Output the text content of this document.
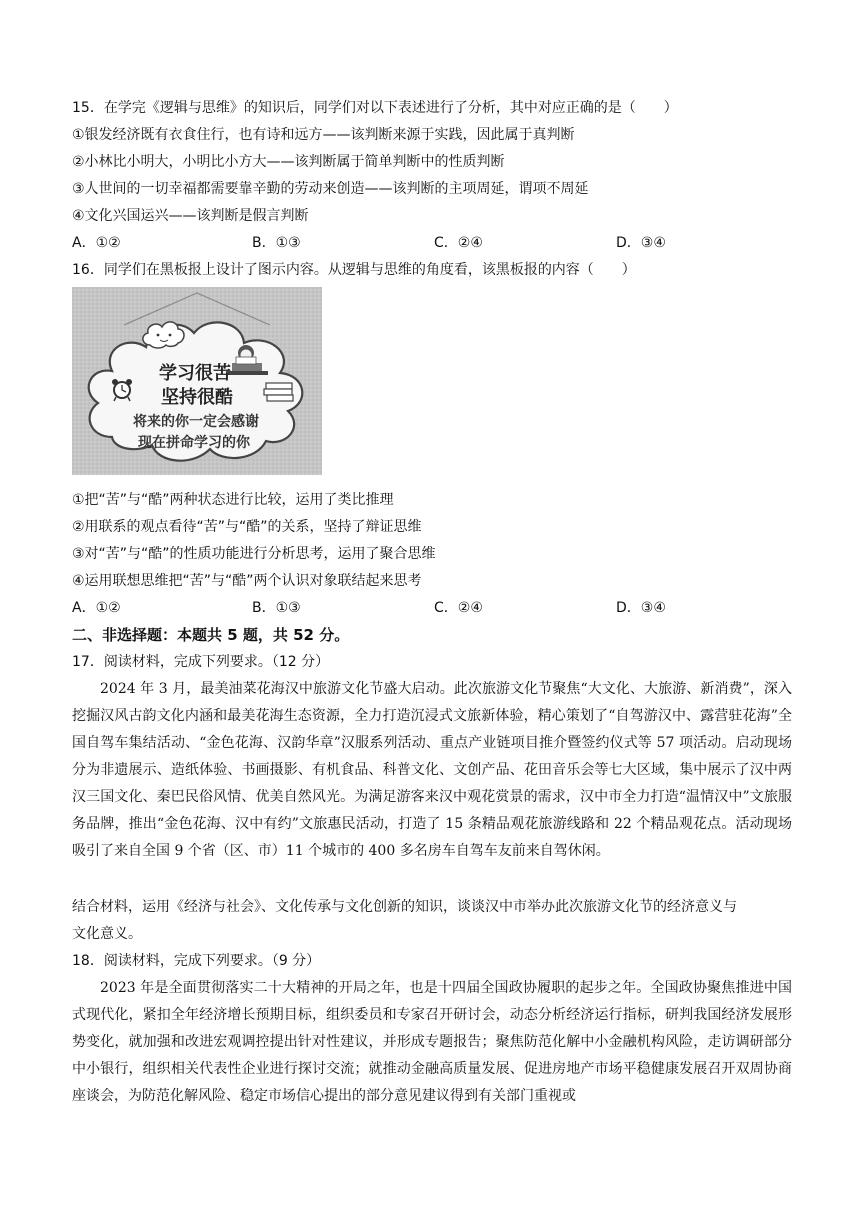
15．在学完《逻辑与思维》的知识后，同学们对以下表述进行了分析，其中对应正确的是（　　）
①银发经济既有衣食住行，也有诗和远方——该判断来源于实践，因此属于真判断
②小林比小明大，小明比小方大——该判断属于简单判断中的性质判断
③人世间的一切幸福都需要靠辛勤的劳动来创造——该判断的主项周延，谓项不周延
④文化兴国运兴——该判断是假言判断
A．①②	B．①③	C．②④	D．③④
16．同学们在黑板报上设计了图示内容。从逻辑与思维的角度看，该黑板报的内容（　　）
学习很苦
坚持很酷
将来的你一定会感谢
现在拼命学习的你
①把“苦”与“酷”两种状态进行比较，运用了类比推理
②用联系的观点看待“苦”与“酷”的关系，坚持了辩证思维
③对“苦”与“酷”的性质功能进行分析思考，运用了聚合思维
④运用联想思维把“苦”与“酷”两个认识对象联结起来思考
A．①②	B．①③	C．②④	D．③④
二、非选择题：本题共 5 题，共 52 分。
17．阅读材料，完成下列要求。（12 分）
2024 年 3 月，最美油菜花海汉中旅游文化节盛大启动。此次旅游文化节聚焦“大文化、大旅游、新消费”，深入挖掘汉风古韵文化内涵和最美花海生态资源，全力打造沉浸式文旅新体验，精心策划了“自驾游汉中、露营驻花海”全国自驾车集结活动、“金色花海、汉韵华章”汉服系列活动、重点产业链项目推介暨签约仪式等 57 项活动。启动现场分为非遗展示、造纸体验、书画摄影、有机食品、科普文化、文创产品、花田音乐会等七大区域，集中展示了汉中两汉三国文化、秦巴民俗风情、优美自然风光。为满足游客来汉中观花赏景的需求，汉中市全力打造“温情汉中”文旅服务品牌，推出“金色花海、汉中有约”文旅惠民活动，打造了 15 条精品观花旅游线路和 22 个精品观花点。活动现场吸引了来自全国 9 个省（区、市）11 个城市的 400 多名房车自驾车友前来自驾休闲。
结合材料，运用《经济与社会》、文化传承与文化创新的知识，谈谈汉中市举办此次旅游文化节的经济意义与
文化意义。
18．阅读材料，完成下列要求。（9 分）
2023 年是全面贯彻落实二十大精神的开局之年，也是十四届全国政协履职的起步之年。全国政协聚焦推进中国式现代化，紧扣全年经济增长预期目标，组织委员和专家召开研讨会，动态分析经济运行指标，研判我国经济发展形势变化，就加强和改进宏观调控提出针对性建议，并形成专题报告；聚焦防范化解中小金融机构风险，走访调研部分中小银行，组织相关代表性企业进行探讨交流；就推动金融高质量发展、促进房地产市场平稳健康发展召开双周协商座谈会，为防范化解风险、稳定市场信心提出的部分意见建议得到有关部门重视或
